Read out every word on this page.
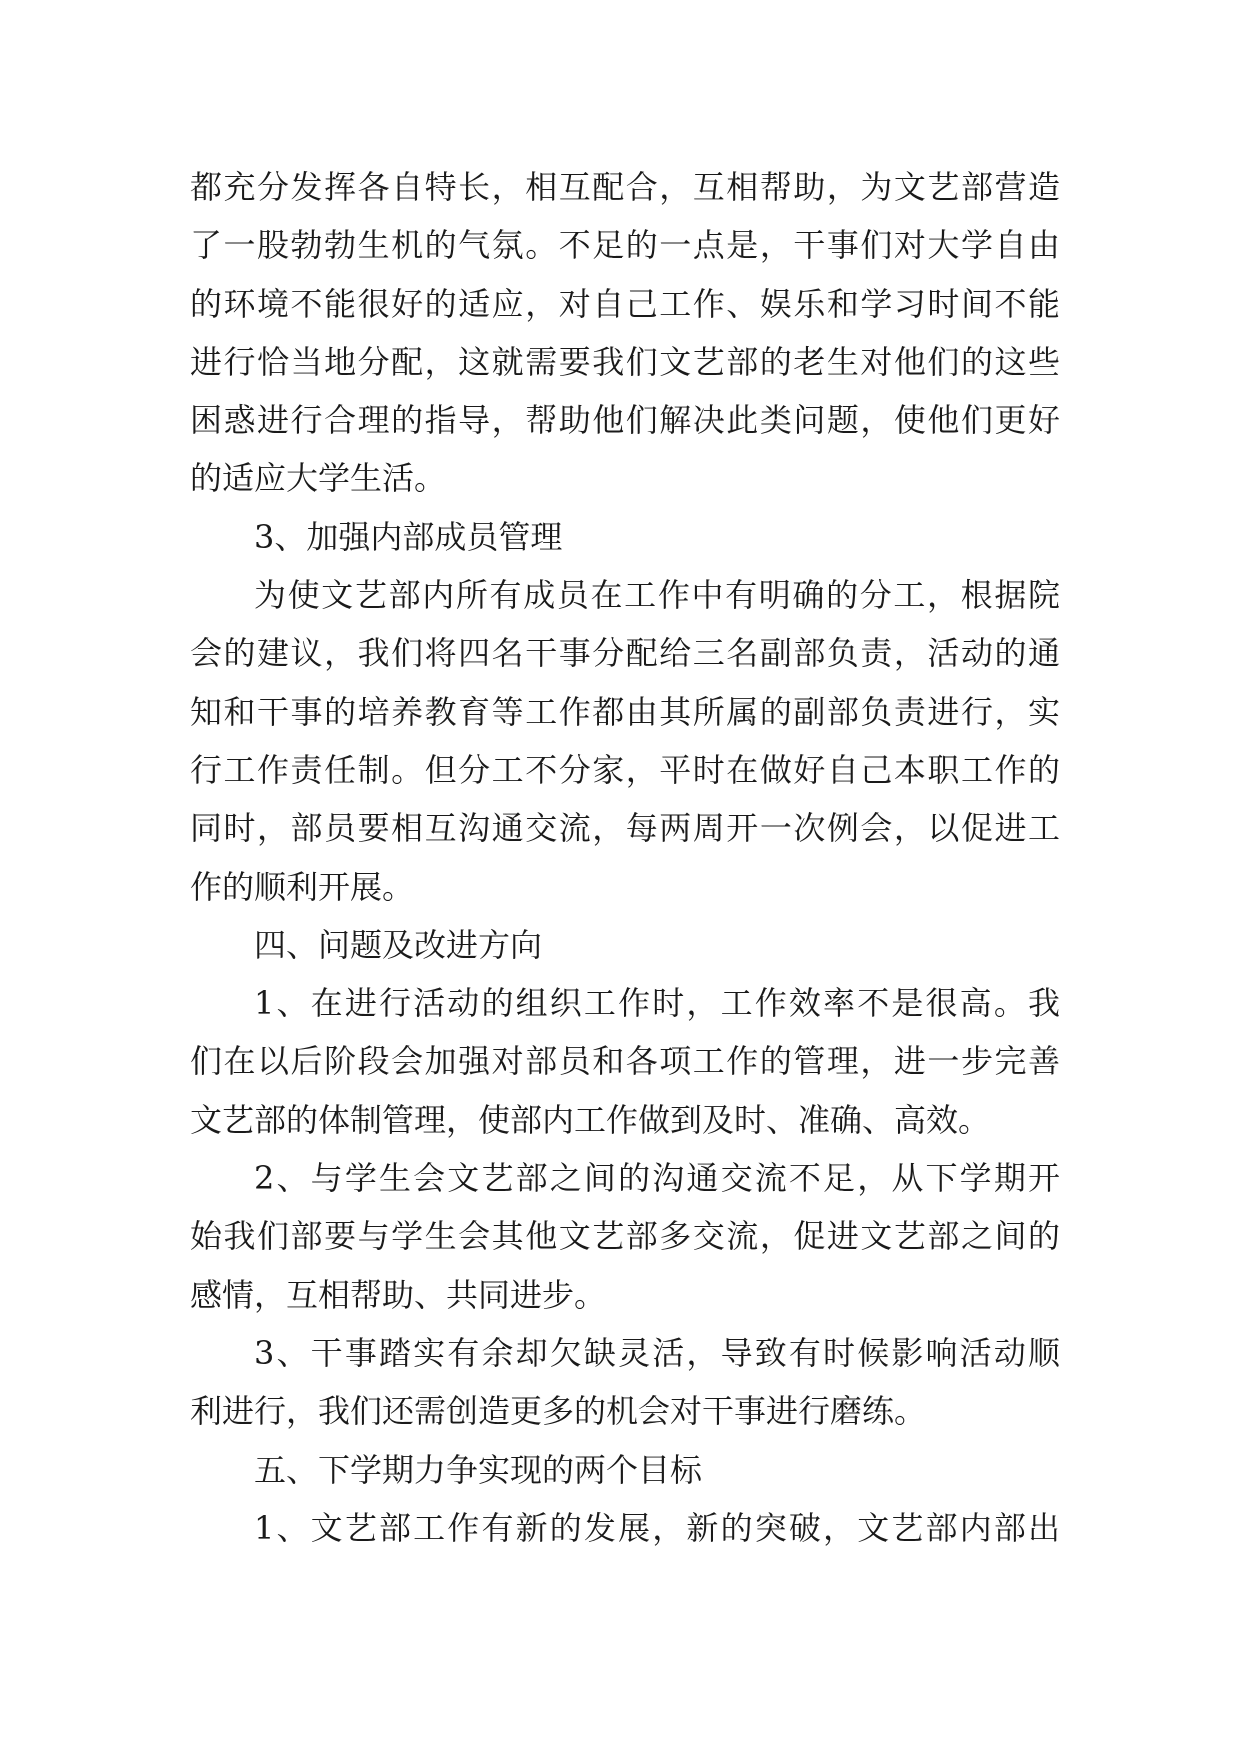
都充分发挥各自特长，相互配合，互相帮助，为文艺部营造
了一股勃勃生机的气氛。不足的一点是，干事们对大学自由
的环境不能很好的适应，对自己工作、娱乐和学习时间不能
进行恰当地分配，这就需要我们文艺部的老生对他们的这些
困惑进行合理的指导，帮助他们解决此类问题，使他们更好
的适应大学生活。
3、加强内部成员管理
为使文艺部内所有成员在工作中有明确的分工，根据院
会的建议，我们将四名干事分配给三名副部负责，活动的通
知和干事的培养教育等工作都由其所属的副部负责进行，实
行工作责任制。但分工不分家，平时在做好自己本职工作的
同时，部员要相互沟通交流，每两周开一次例会，以促进工
作的顺利开展。
四、问题及改进方向
1、在进行活动的组织工作时，工作效率不是很高。我
们在以后阶段会加强对部员和各项工作的管理，进一步完善
文艺部的体制管理，使部内工作做到及时、准确、高效。
2、与学生会文艺部之间的沟通交流不足，从下学期开
始我们部要与学生会其他文艺部多交流，促进文艺部之间的
感情，互相帮助、共同进步。
3、干事踏实有余却欠缺灵活，导致有时候影响活动顺
利进行，我们还需创造更多的机会对干事进行磨练。
五、下学期力争实现的两个目标
1、文艺部工作有新的发展，新的突破，文艺部内部出
